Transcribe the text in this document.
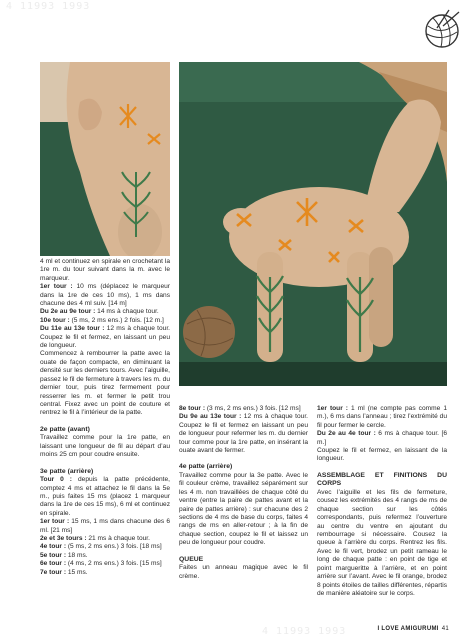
4 11993 1993

4 ml et continuez en spirale en crochetant la 1re m. du tour suivant dans la m. avec le marqueur.

1er tour : 10 ms (déplacez le marqueur dans la 1re de ces 10 ms), 1 ms dans chacune des 4 ml suiv. [14 m]

Du 2e au 9e tour : 14 ms à chaque tour.

10e tour : (5 ms, 2 ms ens.) 2 fois. [12 m.]

Du 11e au 13e tour : 12 ms à chaque tour. Coupez le fil et fermez, en laissant un peu de longueur.

Commencez à rembourrer la patte avec la ouate de façon compacte, en diminuant la densité sur les derniers tours. Avec l’aiguille, passez le fil de fermeture à travers les m. du dernier tour, puis tirez fermement pour resserrer les m. et fermer le petit trou central. Fixez avec un point de couture et rentrez le fil à l’intérieur de la patte.

2e patte (avant)

Travaillez comme pour la 1re patte, en laissant une longueur de fil au départ d’au moins 25 cm pour coudre ensuite.

3e patte (arrière)

Tour 0 : depuis la patte précédente, comptez 4 ms et attachez le fil dans la 5e m., puis faites 15 ms (placez 1 marqueur dans la 1re de ces 15 ms), 6 ml et continuez en spirale.

1er tour : 15 ms, 1 ms dans chacune des 6 ml. [21 ms]

2e et 3e tours : 21 ms à chaque tour.

4e tour : (5 ms, 2 ms ens.) 3 fois. [18 ms]

5e tour : 18 ms.

6e tour : (4 ms, 2 ms ens.) 3 fois. [15 ms]

7e tour : 15 ms.

8e tour : (3 ms, 2 ms ens.) 3 fois. [12 ms]

Du 9e au 13e tour : 12 ms à chaque tour. Coupez le fil et fermez en laissant un peu de longueur pour refermer les m. du dernier tour comme pour la 1re patte, en insérant la ouate avant de fermer.

4e patte (arrière)

Travaillez comme pour la 3e patte. Avec le fil couleur crème, travaillez séparément sur les 4 m. non travaillées de chaque côté du ventre (entre la paire de pattes avant et la paire de pattes arrière) : sur chacune des 2 sections de 4 ms de base du corps, faites 4 rangs de ms en aller-retour ; à la fin de chaque section, coupez le fil et laissez un peu de longueur pour coudre.

QUEUE

Faites un anneau magique avec le fil crème.

1er tour : 1 ml (ne compte pas comme 1 m.), 6 ms dans l’anneau ; tirez l’extrémité du fil pour fermer le cercle.

Du 2e au 4e tour : 6 ms à chaque tour. [6 m.]

Coupez le fil et fermez, en laissant de la longueur.

ASSEMBLAGE ET FINITIONS DU CORPS

Avec l’aiguille et les fils de fermeture, cousez les extrémités des 4 rangs de ms de chaque section sur les côtés correspondants, puis refermez l’ouverture au centre du ventre en ajoutant du rembourrage si nécessaire. Cousez la queue à l’arrière du corps. Rentrez les fils. Avec le fil vert, brodez un petit rameau le long de chaque patte : en point de tige et point margueritte à l’arrière, et en point arrière sur l’avant. Avec le fil orange, brodez 8 points étoiles de tailles différentes, répartis de manière aléatoire sur le corps.

4 11993 1993	I LOVE AMIGURUMI 41
